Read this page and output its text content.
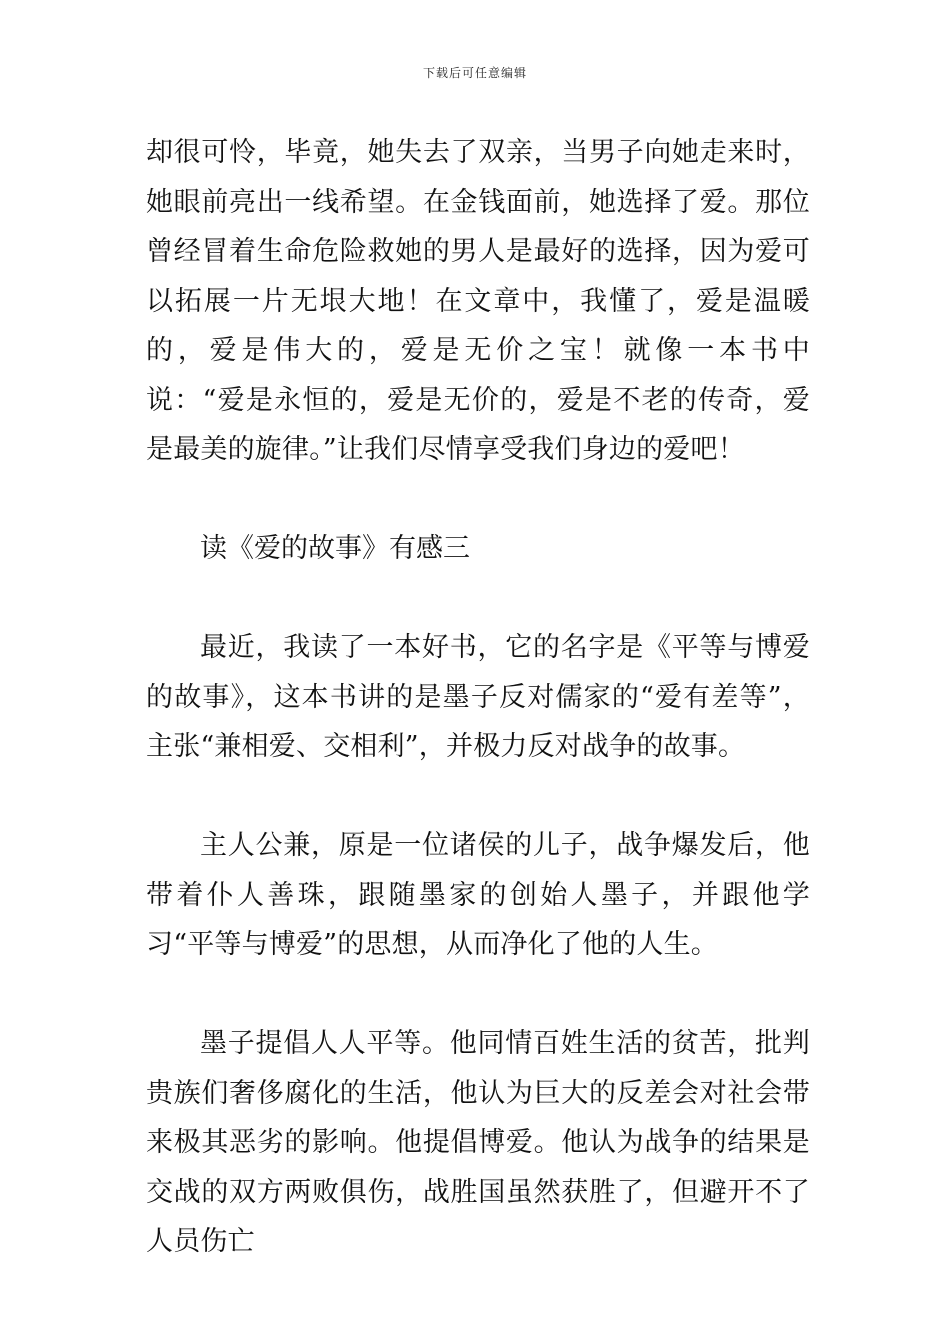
下载后可任意编辑

却很可怜，毕竟，她失去了双亲，当男子向她走来时，她眼前亮出一线希望。在金钱面前，她选择了爱。那位曾经冒着生命危险救她的男人是最好的选择，因为爱可以拓展一片无垠大地！在文章中，我懂了，爱是温暖的，爱是伟大的，爱是无价之宝！就像一本书中说：“爱是永恒的，爱是无价的，爱是不老的传奇，爱是最美的旋律。”让我们尽情享受我们身边的爱吧！

读《爱的故事》有感三

最近，我读了一本好书，它的名字是《平等与博爱的故事》，这本书讲的是墨子反对儒家的“爱有差等”，主张“兼相爱、交相利”，并极力反对战争的故事。

主人公兼，原是一位诸侯的儿子，战争爆发后，他带着仆人善珠，跟随墨家的创始人墨子，并跟他学习“平等与博爱”的思想，从而净化了他的人生。

墨子提倡人人平等。他同情百姓生活的贫苦，批判贵族们奢侈腐化的生活，他认为巨大的反差会对社会带来极其恶劣的影响。他提倡博爱。他认为战争的结果是交战的双方两败俱伤，战胜国虽然获胜了，但避开不了人员伤亡
